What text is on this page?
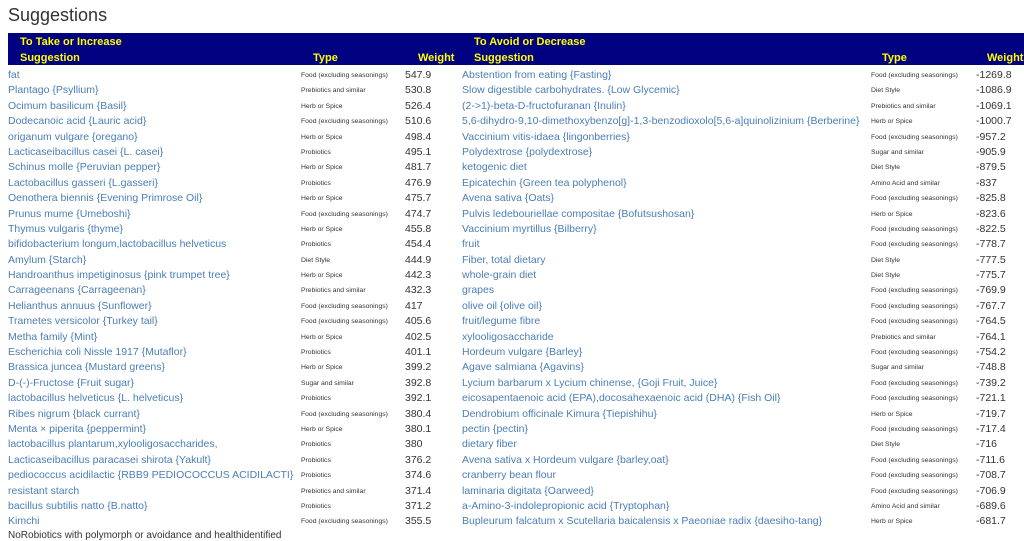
Suggestions
To Take or Increase
Suggestion	Type	Weight
To Avoid or Decrease
Suggestion	Type	Weight
fat	Food (excluding seasonings) 547.9
Plantago {Psyllium}	Prebiotics and similar	530.8
Ocimum basilicum {Basil}	Herb or Spice	526.4
Dodecanoic acid {Lauric acid}	Food (excluding seasonings) 510.6
origanum vulgare {oregano}	Herb or Spice	498.4
Lacticaseibacillus casei {L. casei}	Probiotics	495.1
Schinus molle {Peruvian pepper}	Herb or Spice	481.7
Lactobacillus gasseri {L.gasseri}	Probiotics	476.9
Oenothera biennis {Evening Primrose Oil}	Herb or Spice	475.7
Prunus mume {Umeboshi}	Food (excluding seasonings) 474.7
Thymus vulgaris {thyme}	Herb or Spice	455.8
bifidobacterium longum,lactobacillus helveticus	Probiotics	454.4
Amylum {Starch}	Diet Style	444.9
Handroanthus impetiginosus {pink trumpet tree}	Herb or Spice	442.3
Carrageenans {Carrageenan}	Prebiotics and similar	432.3
Helianthus annuus {Sunflower}	Food (excluding seasonings) 417
Trametes versicolor {Turkey tail}	Food (excluding seasonings) 405.6
Metha family {Mint}	Herb or Spice	402.5
Escherichia coli Nissle 1917 {Mutaflor}	Probiotics	401.1
Brassica juncea {Mustard greens}	Herb or Spice	399.2
D-(-)-Fructose {Fruit sugar}	Sugar and similar	392.8
lactobacillus helveticus {L. helveticus}	Probiotics	392.1
Ribes nigrum {black currant}	Food (excluding seasonings) 380.4
Menta × piperita {peppermint}	Herb or Spice	380.1
lactobacillus plantarum,xylooligosaccharides,	Probiotics	380
Lacticaseibacillus paracasei shirota {Yakult}	Probiotics	376.2
pediococcus acidilactic {RBB9 PEDIOCOCCUS ACIDILACTI}	Probiotics	374.6
resistant starch	Prebiotics and similar	371.4
bacillus subtilis natto {B.natto}	Probiotics	371.2
Kimchi	Food (excluding seasonings) 355.5
Abstention from eating {Fasting}	Food (excluding seasonings) -1269.8
Slow digestible carbohydrates. {Low Glycemic}	Diet Style	-1086.9
(2->1)-beta-D-fructofuranan {Inulin}	Prebiotics and similar	-1069.1
5,6-dihydro-9,10-dimethoxybenzo[g]-1,3-benzodioxolo[5,6-a]quinolizinium {Berberine}	Herb or Spice	-1000.7
Vaccinium vitis-idaea {lingonberries}	Food (excluding seasonings) -957.2
Polydextrose {polydextrose}	Sugar and similar	-905.9
ketogenic diet	Diet Style	-879.5
Epicatechin {Green tea polyphenol}	Amino Acid and similar	-837
Avena sativa {Oats}	Food (excluding seasonings) -825.8
Pulvis ledebouriellae compositae {Bofutsushosan}	Herb or Spice	-823.6
Vaccinium myrtillus {Bilberry}	Food (excluding seasonings) -822.5
fruit	Food (excluding seasonings) -778.7
Fiber, total dietary	Diet Style	-777.5
whole-grain diet	Diet Style	-775.7
grapes	Food (excluding seasonings) -769.9
olive oil {olive oil}	Food (excluding seasonings) -767.7
fruit/legume fibre	Food (excluding seasonings) -764.5
xylooligosaccharide	Prebiotics and similar	-764.1
Hordeum vulgare {Barley}	Food (excluding seasonings) -754.2
Agave salmiana {Agavins}	Sugar and similar	-748.8
Lycium barbarum x Lycium chinense, {Goji Fruit, Juice}	Food (excluding seasonings) -739.2
eicosapentaenoic acid (EPA),docosahexaenoic acid (DHA) {Fish Oil}	Food (excluding seasonings) -721.1
Dendrobium officinale Kimura {Tiepishihu}	Herb or Spice	-719.7
pectin {pectin}	Food (excluding seasonings) -717.4
dietary fiber	Diet Style	-716
Avena sativa x Hordeum vulgare {barley,oat}	Food (excluding seasonings) -711.6
cranberry bean flour	Food (excluding seasonings) -708.7
laminaria digitata {Oarweed}	Food (excluding seasonings) -706.9
a-Amino-3-indolepropionic acid {Tryptophan}	Amino Acid and similar	-689.6
Bupleurum falcatum x Scutellaria baicalensis x Paeoniae radix {daesiho-tang}	Herb or Spice	-681.7
NoRobiotics with polymorph or avoidance and healthidentified
